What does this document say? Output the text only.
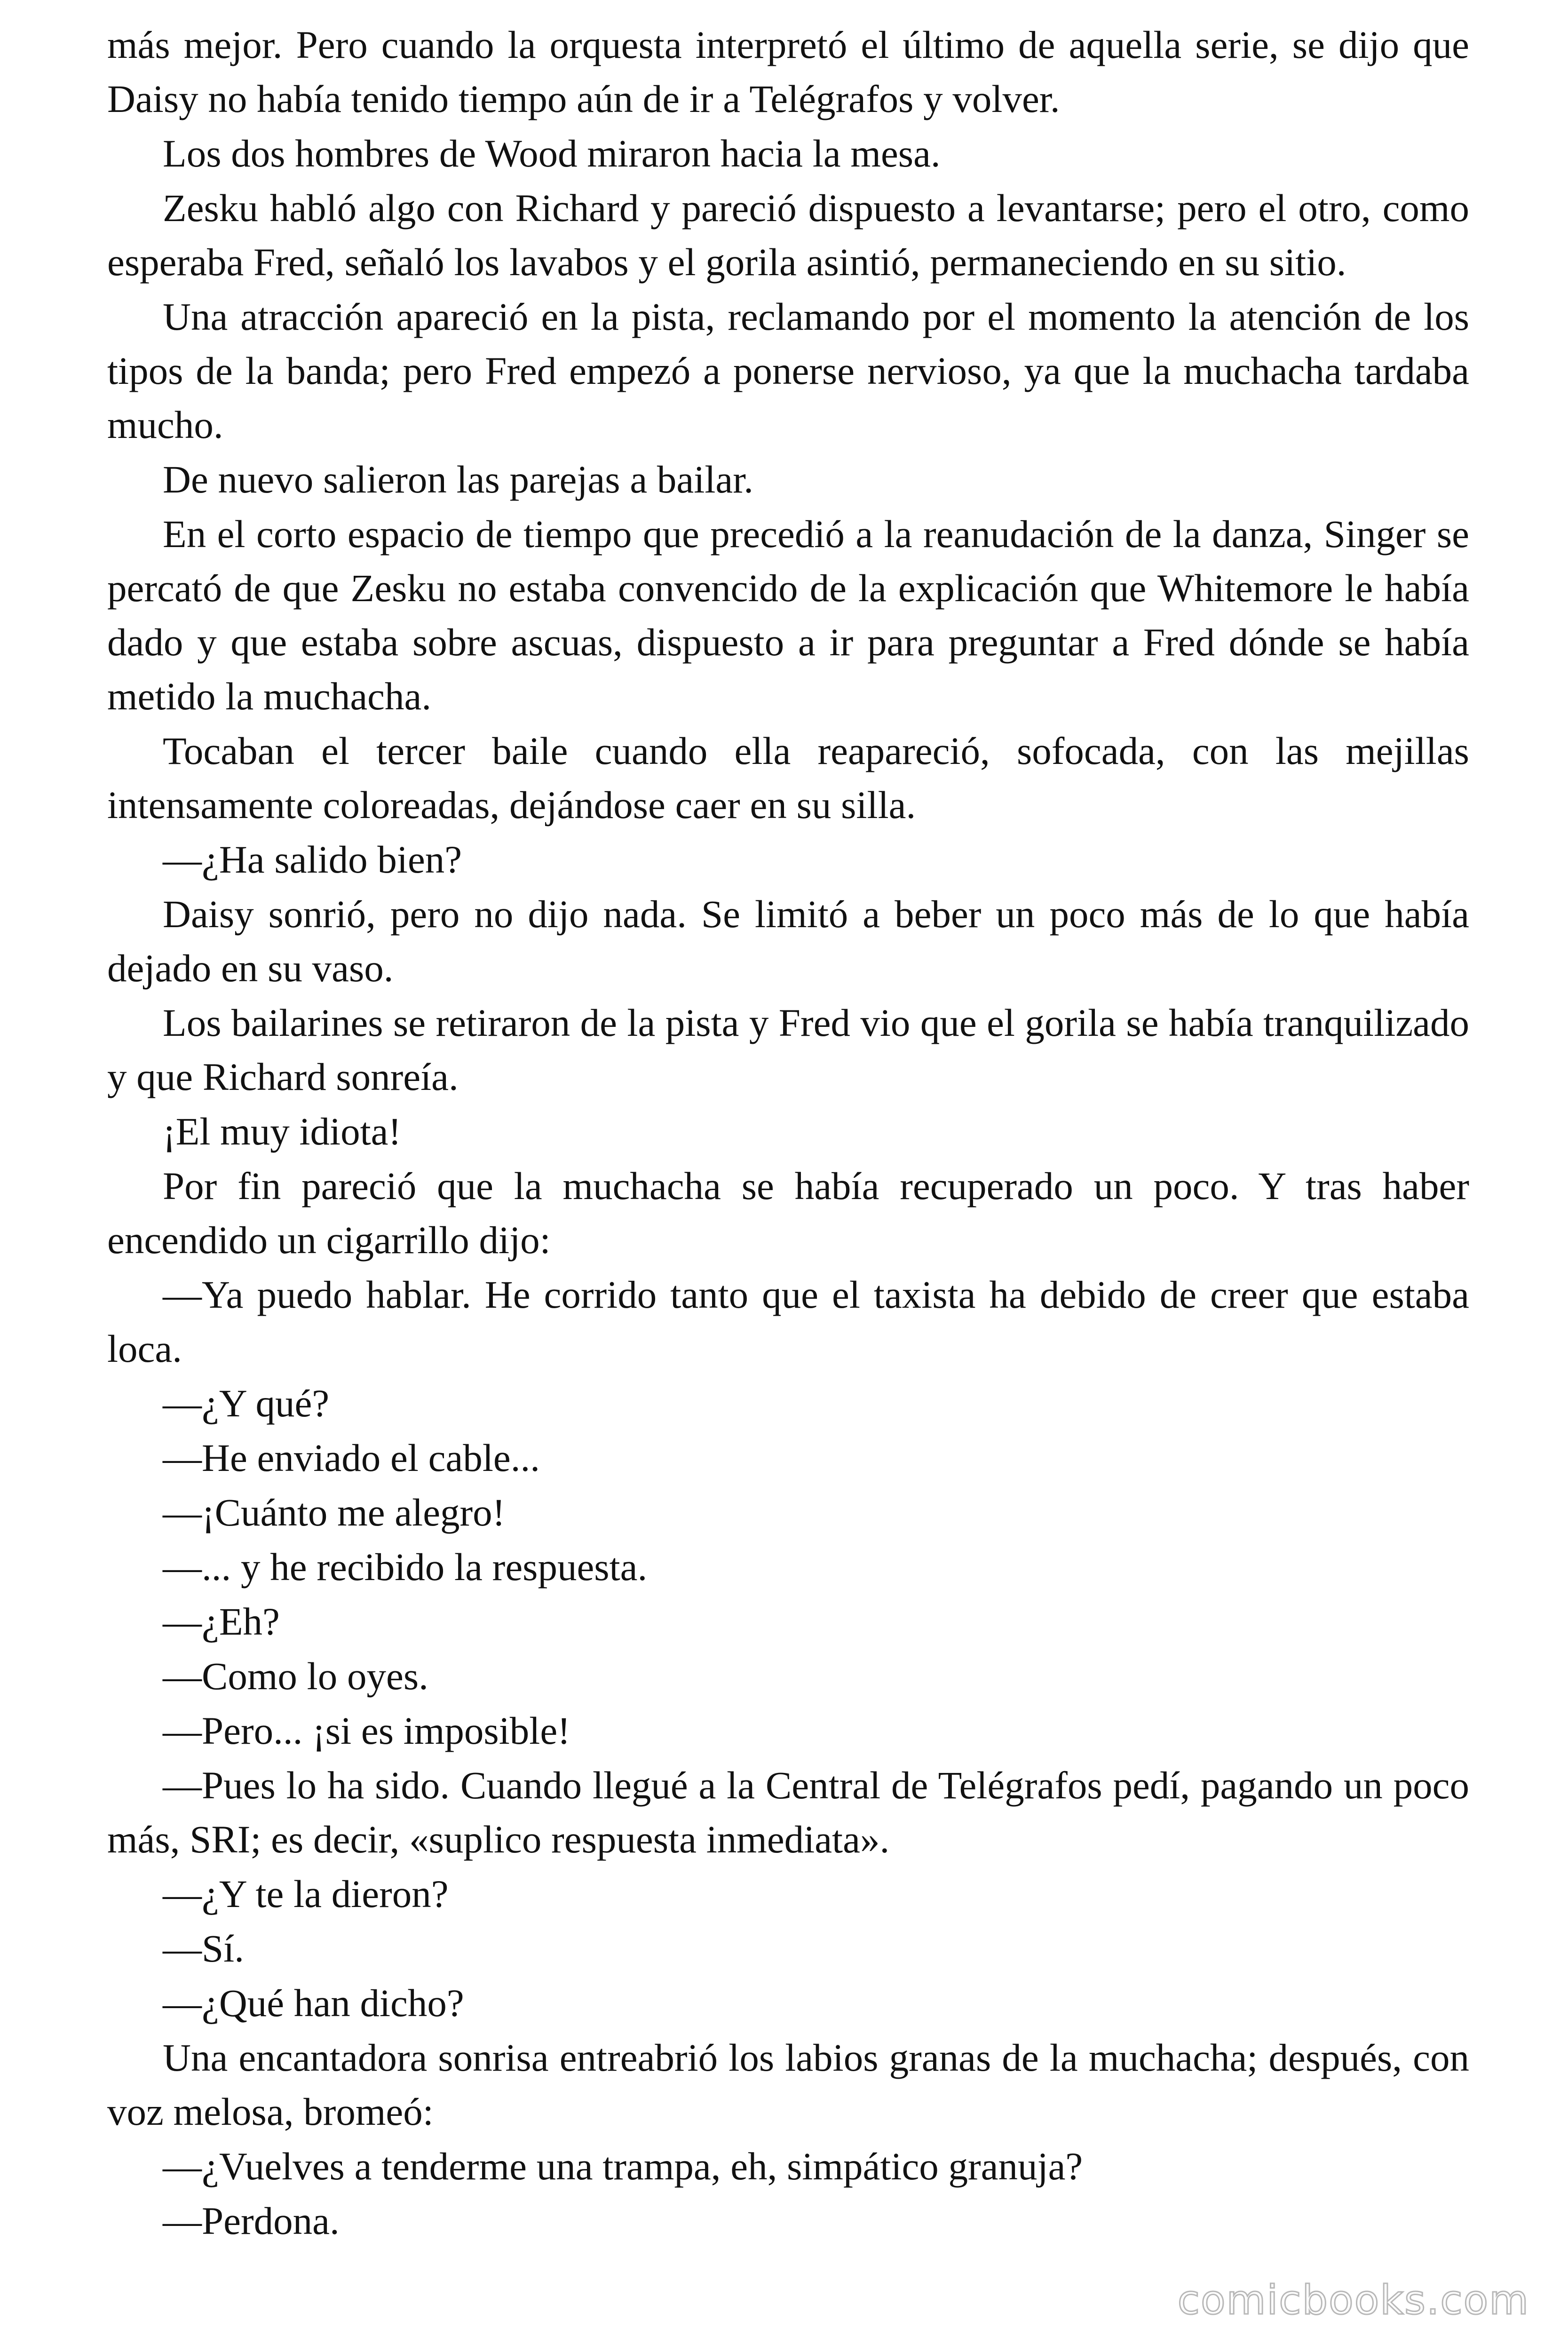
más mejor. Pero cuando la orquesta interpretó el último de aquella serie, se dijo que Daisy no había tenido tiempo aún de ir a Telégrafos y volver.

Los dos hombres de Wood miraron hacia la mesa.

Zesku habló algo con Richard y pareció dispuesto a levantarse; pero el otro, como esperaba Fred, señaló los lavabos y el gorila asintió, permaneciendo en su sitio.

Una atracción apareció en la pista, reclamando por el momento la atención de los tipos de la banda; pero Fred empezó a ponerse nervioso, ya que la muchacha tardaba mucho.

De nuevo salieron las parejas a bailar.

En el corto espacio de tiempo que precedió a la reanudación de la danza, Singer se percató de que Zesku no estaba convencido de la explicación que Whitemore le había dado y que estaba sobre ascuas, dispuesto a ir para preguntar a Fred dónde se había metido la muchacha.

Tocaban el tercer baile cuando ella reapareció, sofocada, con las mejillas intensamente coloreadas, dejándose caer en su silla.

—¿Ha salido bien?

Daisy sonrió, pero no dijo nada. Se limitó a beber un poco más de lo que había dejado en su vaso.

Los bailarines se retiraron de la pista y Fred vio que el gorila se había tranquilizado y que Richard sonreía.

¡El muy idiota!

Por fin pareció que la muchacha se había recuperado un poco. Y tras haber encendido un cigarrillo dijo:

—Ya puedo hablar. He corrido tanto que el taxista ha debido de creer que estaba loca.

—¿Y qué?

—He enviado el cable...

—¡Cuánto me alegro!

—... y he recibido la respuesta.

—¿Eh?

—Como lo oyes.

—Pero... ¡si es imposible!

—Pues lo ha sido. Cuando llegué a la Central de Telégrafos pedí, pagando un poco más, SRI; es decir, «suplico respuesta inmediata».

—¿Y te la dieron?

—Sí.

—¿Qué han dicho?

Una encantadora sonrisa entreabrió los labios granas de la muchacha; después, con voz melosa, bromeó:

—¿Vuelves a tenderme una trampa, eh, simpático granuja?

—Perdona.

comicbooks.com
